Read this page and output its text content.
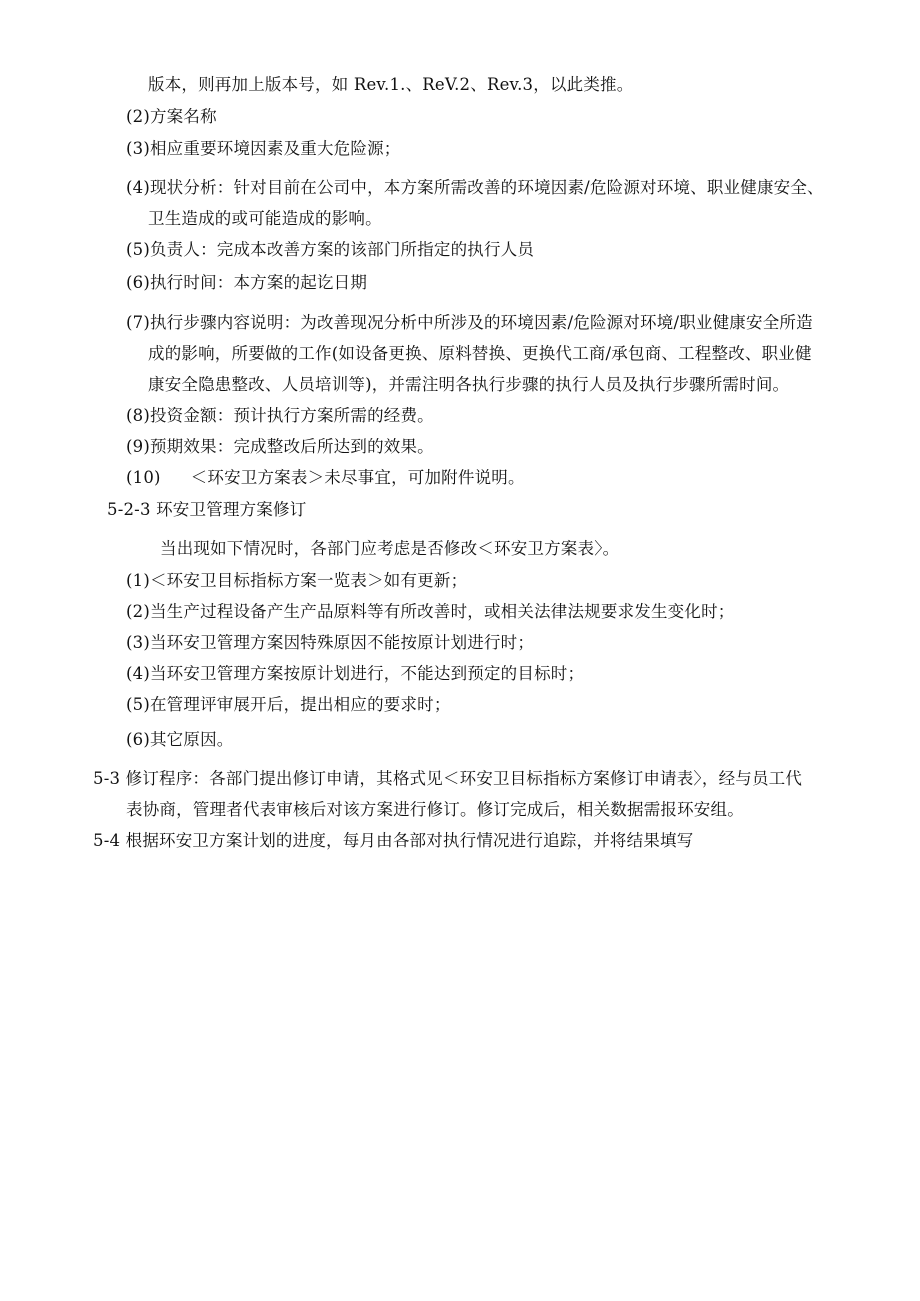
版本，则再加上版本号，如 Rev.1.、ReV.2、Rev.3，以此类推。
(2)方案名称
(3)相应重要环境因素及重大危险源；
(4)现状分析：针对目前在公司中，本方案所需改善的环境因素/危险源对环境、职业健康安全、
卫生造成的或可能造成的影响。
(5)负责人：完成本改善方案的该部门所指定的执行人员
(6)执行时间：本方案的起讫日期
(7)执行步骤内容说明：为改善现况分析中所涉及的环境因素/危险源对环境/职业健康安全所造
成的影响，所要做的工作(如设备更换、原料替换、更换代工商/承包商、工程整改、职业健
康安全隐患整改、人员培训等)，并需注明各执行步骤的执行人员及执行步骤所需时间。
(8)投资金额：预计执行方案所需的经费。
(9)预期效果：完成整改后所达到的效果。
(10) ＜环安卫方案表＞未尽事宜，可加附件说明。
5-2-3 环安卫管理方案修订
当出现如下情况时，各部门应考虑是否修改＜环安卫方案表〉。
(1)＜环安卫目标指标方案一览表＞如有更新；
(2)当生产过程设备产生产品原料等有所改善时，或相关法律法规要求发生变化时；
(3)当环安卫管理方案因特殊原因不能按原计划进行时；
(4)当环安卫管理方案按原计划进行，不能达到预定的目标时；
(5)在管理评审展开后，提出相应的要求时；
(6)其它原因。
5-3 修订程序：各部门提出修订申请，其格式见＜环安卫目标指标方案修订申请表〉，经与员工代
表协商，管理者代表审核后对该方案进行修订。修订完成后，相关数据需报环安组。
5-4 根据环安卫方案计划的进度，每月由各部对执行情况进行追踪，并将结果填写
